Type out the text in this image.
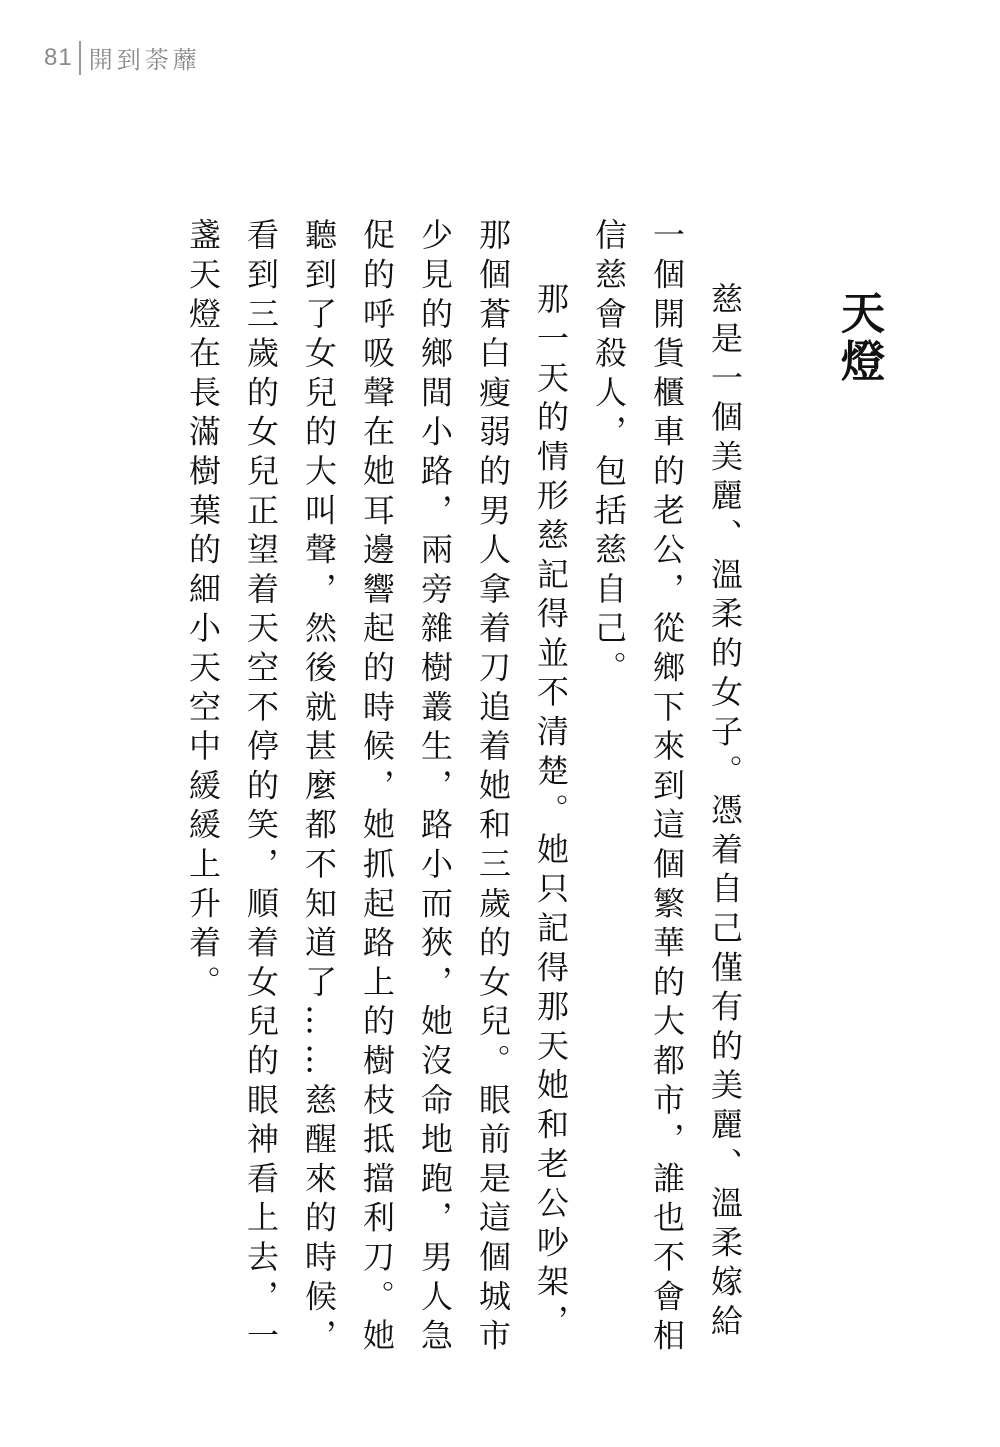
81 開到荼蘼
天燈

慈是一個美麗、溫柔的女子。憑着自己僅有的美麗、溫柔嫁給一個開貨櫃車的老公，從鄉下來到這個繁華的大都市，誰也不會相信慈會殺人，包括慈自己。

那一天的情形慈記得並不清楚。她只記得那天她和老公吵架，那個蒼白瘦弱的男人拿着刀追着她和三歲的女兒。眼前是這個城市少見的鄉間小路，兩旁雜樹叢生，路小而狹，她沒命地跑，男人急促的呼吸聲在她耳邊響起的時候，她抓起路上的樹枝抵擋利刀。她聽到了女兒的大叫聲，然後就甚麼都不知道了……慈醒來的時候，看到三歲的女兒正望着天空不停的笑，順着女兒的眼神看上去，一盞天燈在長滿樹葉的細小天空中緩緩上升着。
